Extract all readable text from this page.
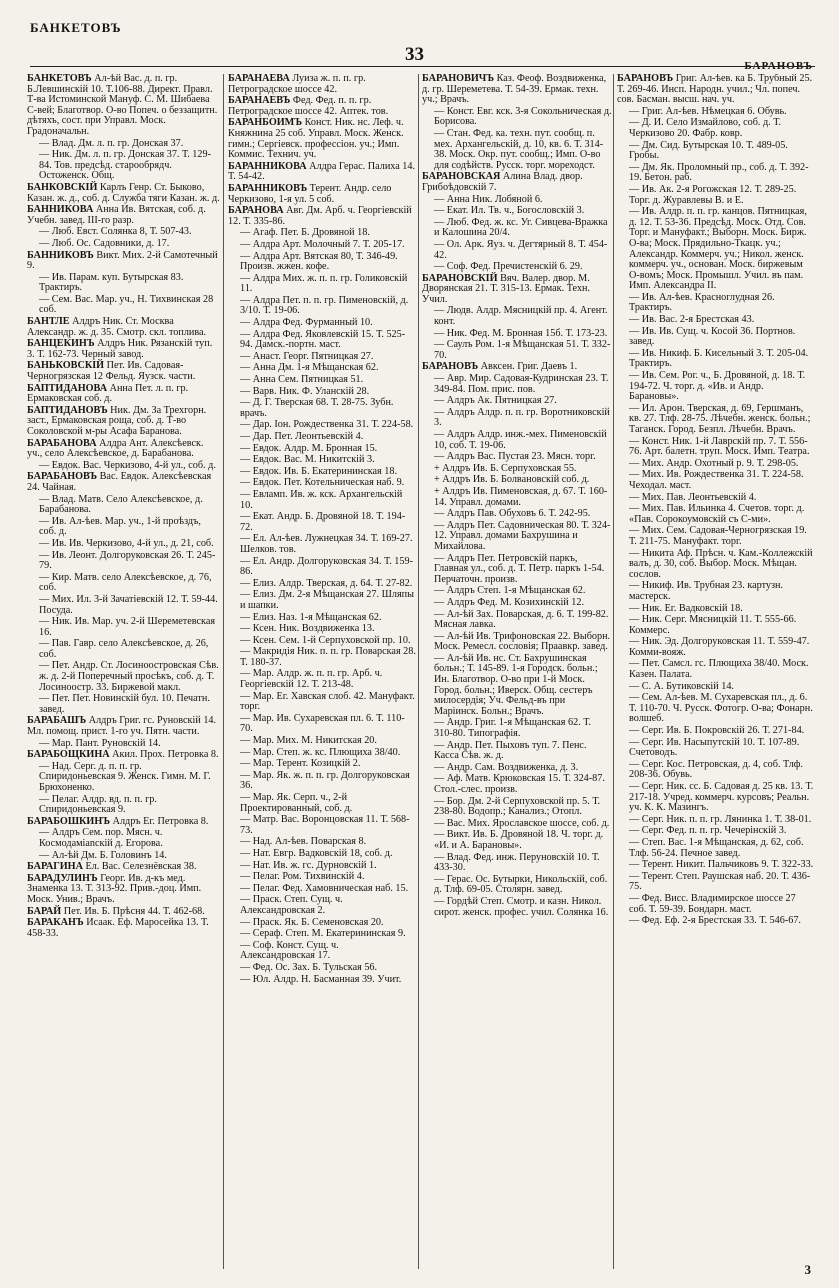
БАНКЕТОВЪ
33
БАРАНОВЪ
БАНКЕТОВЪ Ал-ѣй Вас. д. п. гр. Б.Левшинскій 10. Т.106-88. Директ. Правл. Т-ва Истоминской Мануф. С. М. Шибаева С-вей; Благотвор. О-во Попеч. о беззащитн. дѣтяхъ, сост. при Управл. Моск. Градоначальн.
— Влад. Дм. л. п. гр. Донская 37.
— Ник. Дм. л. п. гр. Донская 37. Т. 129-84. Тов. предсѣд. старообрядч. Остоженск. Общ.
БАНКОВСКІЙ Карлъ Генр. Ст. Быково, Казан. ж. д., соб. д. Служба тяги Казан. ж. д.
БАННИКОВА Анна Ив. Вятская, соб. д. Учебн. завед. III-го разр.
— Люб. Евст. Солянка 8, Т. 507-43.
— Люб. Ос. Садовники, д. 17.
БАННИКОВЪ Викт. Мих. 2-й Самотечный 9.
— Ив. Парам. куп. Бутырская 83. Трактиръ.
— Сем. Вас. Мар. уч., Н. Тихвинская 28 соб.
БАНТЛЕ Алдръ Ник. Ст. Москва Александр. ж. д. 35. Смотр. скл. топлива.
БАНЦЕКИНЪ Алдръ Ник. Рязанскій туп. 3. Т. 162-73. Черный завод.
БАНЬКОВСКІЙ Пет. Ив. Садовая-Черногрязская 12 Фельд. Яузск. части.
БАПТИДАНОВА Анна Пет. л. п. гр. Ермаковская соб. д.
БАПТИДАНОВЪ Ник. Дм. За Трехгорн. заст., Ермаковская роща, соб. д. Т-во Соколовской м-ры Асафа Баранова.
БАРАБАНОВА Алдра Ант. Алексѣевск. уч., село Алексѣевское, д. Барабанова.
— Евдок. Вас. Черкизово, 4-й ул., соб. д.
БАРАБАНОВЪ Вас. Евдок. Алексѣевская 24. Чайная.
— Влад. Матв. Село Алексѣевское, д. Барабанова.
— Ив. Ал-ѣев. Мар. уч., 1-й проѣздъ, соб. д.
— Ив. Ив. Черкизово, 4-й ул., д. 21, соб.
— Ив. Леонт. Долгоруковская 26. Т. 245-79.
— Кир. Матв. село Алексѣевское, д. 76, соб.
— Мих. Ил. 3-й Зачатіевскій 12. Т. 59-44. Посуда.
— Ник. Ив. Мар. уч. 2-й Шереметевская 16.
— Пав. Гавр. село Алексѣевское, д. 26, соб.
— Пет. Андр. Ст. Лосиноостровская Сѣв. ж. д. 2-й Поперечный просѣкъ, соб. д. Т. Лосиноостр. 33. Биржевой макл.
— Пет. Пет. Новинскій бул. 10. Печатн. завед.
БАРАБАШЪ Алдръ Григ. гс. Руновскій 14. Мл. помощ. прист. 1-го уч. Пятн. части.
— Мар. Пант. Руновскій 14.
БАРАБОЩКИНА Акил. Прох. Петровка 8.
— Над. Серг. д. п. п. гр. Спиридоньевская 9. Женск. Гимн. М. Г. Брюхоненко.
— Пелаг. Алдр. вд. п. п. гр. Спиридоньевская 9.
БАРАБОШКИНЪ Алдръ Ег. Петровка 8.
— Алдръ Сем. пор. Мясн. ч. Космодамianскій д. Егорова.
— Ал-ѣй Дм. Б. Головинъ 14.
БАРАГИНА Ел. Вас. Селезнёвская 38.
БАРАДУЛИНЪ Георг. Ив. д-къ мед. Знаменка 13. Т. 313-92. Прив.-доц. Имп. Моск. Унив.; Врачъ.
БАРАЙ Пет. Ив. Б. Прѣсня 44. Т. 462-68.
БАРАКАНЪ Исаак. Еф. Маросейка 13. Т. 458-33.
БАРАНАЕВА Луиза ж. п. п. гр. Петроградское шоссе 42.
БАРАНАЕВЪ Фед. Фед. п. п. гр. Петроградское шоссе 42. Аптек. тов.
БАРАНБОИМЪ Конст. Ник. нс. Леф. ч. Княжнина 25 соб. Управл. Моск. Женск. гимн.; Сергіевск. профессіон. уч.; Имп. Коммис. Технич. уч.
БАРАННИКОВА Алдра Герас. Палиха 14. Т. 54-42.
БАРАННИКОВЪ Терент. Андр. село Черкизово, 1-я ул. 5 соб.
БАРАНОВА Авг. Дм. Арб. ч. Георгіевскій 12. Т. 335-86.
— Агаф. Пет. Б. Дровяной 18.
— Алдра Арт. Молочный 7. Т. 205-17.
— Алдра Арт. Вятская 80, Т. 346-49. Произв. жжен. кофе.
— Алдра Мих. ж. п. п. гр. Голиковскій 11.
— Алдра Пет. п. п. гр. Пименовскій, д. 3/10. Т. 19-06.
— Алдра Фед. Фурманный 10.
— Алдра Фед. Яковлевскій 15. Т. 525-94. Дамск.-портн. маст.
— Анаст. Георг. Пятницкая 27.
— Анна Дм. 1-я Мѣщанская 62.
— Анна Сем. Пятницкая 51.
— Варв. Ник. Ф. Уланскій 28.
— Д. Г. Тверская 68. Т. 28-75. Зубн. врачъ.
— Дар. Іон. Рождественка 31. Т. 224-58.
— Дар. Пет. Леонтьевскій 4.
— Евдок. Алдр. М. Бронная 15.
— Евдок. Вас. М. Никитскій 3.
— Евдок. Ив. Б. Екатерининская 18.
— Евдок. Пет. Котельническая наб. 9.
— Евламп. Ив. ж. кск. Архангельскій 10.
— Екат. Андр. Б. Дровяной 18. Т. 194-72.
— Ел. Ал-ѣев. Лужнецкая 34. Т. 169-27. Шелков. тов.
— Ел. Андр. Долгоруковская 34. Т. 159-86.
— Елиз. Алдр. Тверская, д. 64. Т. 27-82.
— Елиз. Дм. 2-я Мѣщанская 27. Шляпы и шапки.
— Елиз. Наз. 1-я Мѣщанская 62.
— Ксен. Ник. Воздвиженка 13.
— Ксен. Сем. 1-й Серпуховской пр. 10.
— Макридія Ник. п. п. гр. Поварская 28. Т. 180-37.
— Мар. Алдр. ж. п. п. гр. Арб. ч. Георгіевскій 12. Т. 213-48.
— Мар. Ег. Хавская слоб. 42. Мануфакт. торг.
— Мар. Ив. Сухаревская пл. 6. Т. 110-70.
— Мар. Мих. М. Никитская 20.
— Мар. Степ. ж. кс. Плющиха 38/40.
— Мар. Терент. Козицкій 2.
— Мар. Як. ж. п. п. гр. Долгоруковская 36.
— Мар. Як. Серп. ч., 2-й Проектированный, соб. д.
— Матр. Вас. Воронцовская 11. Т. 568-73.
— Над. Ал-ѣев. Поварская 8.
— Нат. Евгр. Вадковскій 18, соб. д.
— Нат. Ив. ж. гс. Дурновскій 1.
— Пелаг. Ром. Тихвинскій 4.
— Пелаг. Фед. Хамовническая наб. 15.
— Праск. Степ. Сущ. ч. Александровская 2.
— Праск. Як. Б. Семеновская 20.
— Сераф. Степ. М. Екатерининская 9.
— Соф. Конст. Сущ. ч. Александровская 17.
— Фед. Ос. Зах. Б. Тульская 56.
— Юл. Алдр. Н. Басманная 39. Учит.
БАРАНОВИЧЪ Каз. Феоф. Воздвиженка, д. гр. Шереметева. Т. 54-39. Ермак. техн. уч.; Врачъ.
— Конст. Евг. кск. 3-я Сокольническая д. Борисова.
— Стан. Фед. ка. техн. пут. сообщ. п. мех. Архангельскій, д. 10, кв. 6. Т. 314-38. Моск. Окр. пут. сообщ.; Имп. О-во для содѣйств. Русск. торг. мореходст.
БАРАНОВСКАЯ Алина Влад. двор. Грибоѣдовскій 7.
— Анна Ник. Лобяной 6.
— Екат. Ил. Тв. ч., Богословскій 3.
— Люб. Фед. ж. кс. Уг. Сивцева-Вражка и Калошина 20/4.
— Ол. Арк. Яуз. ч. Дегтярный 8. Т. 454-42.
— Соф. Фед. Пречистенскій 6. 29.
БАРАНОВСКІЙ Вяч. Валер. двор. М. Дворянская 21. Т. 315-13. Ермак. Техн. Учил.
— Людв. Алдр. Мясницкій пр. 4. Агент. конт.
— Ник. Фед. М. Бронная 15б. Т. 173-23.
— Саулъ Ром. 1-я Мѣщанская 51. Т. 332-70.
БАРАНОВЪ Авксен. Григ. Даевъ 1.
— Авр. Мир. Садовая-Кудринская 23. Т. 349-84. Пом. прис. пов.
— Алдръ Ак. Пятницкая 27.
— Алдръ Алдр. п. п. гр. Воротниковскій 3.
— Алдръ Алдр. инж.-мех. Пименовскій 10, соб. Т. 19-06.
— Алдръ Вас. Пустая 23. Мясн. торг.
+ Алдръ Ив. Б. Серпуховская 55.
+ Алдръ Ив. Б. Болвановскій соб. д.
+ Алдръ Ив. Пименовская, д. 67. Т. 160-14. Управл. домами.
— Алдръ Пав. Обуховъ 6. Т. 242-95.
— Алдръ Пет. Садовническая 80. Т. 324-12. Управл. домами Бахрушина и Михайлова.
— Алдръ Пет. Петровскій паркъ, Главная ул., соб. д. Т. Петр. паркъ 1-54. Перчаточн. произв.
— Алдръ Степ. 1-я Мѣщанская 62.
— Алдръ Фед. М. Козихинскій 12.
— Ал-ѣй Зах. Поварская, д. 6. Т. 199-82. Мясная лавка.
— Ал-ѣй Ив. Трифоновская 22. Выборн. Моск. Ремесл. сословія; Праавкр. завед.
— Ал-ѣй Ив. нс. Ст. Бахрушинская больн.; Т. 145-89. 1-я Городск. больн.; Ин. Благотвор. О-во при 1-й Моск. Город. больн.; Иверск. Общ. сестеръ милосердія; Уч. Фельд-въ при Маріинск. Больн.; Врачъ.
— Андр. Григ. 1-я Мѣщанская 62. Т. 310-80. Типографія.
— Андр. Пет. Пыховъ туп. 7. Пенс. Касса Сѣв. ж. д.
— Андр. Сам. Воздвиженка, д. 3.
— Аф. Матв. Крюковская 15. Т. 324-87. Стол.-слес. произв.
— Бор. Дм. 2-й Серпуховской пр. 5. Т. 238-80. Водопр.; Канализ.; Отопл.
— Вас. Мих. Ярославское шоссе, соб. д.
— Викт. Ив. Б. Дровяной 18. Ч. торг. д. «И. и А. Барановы».
— Влад. Фед. инж. Перуновскій 10. Т. 433-30.
— Герас. Ос. Бутырки, Никольскій, соб. д. Тлф. 69-05. Столярн. завед.
— Гордѣй Степ. Смотр. и казн. Никол. сирот. женск. профес. учил. Солянка 16.
БАРАНОВЪ Григ. Ал-ѣев. ка Б. Трубный 25. Т. 269-46. Инсп. Народн. учил.; Чл. попеч. сов. Басман. высш. нач. уч.
— Григ. Ал-ѣев. Нѣмецкая 6. Обувь.
— Д. И. Село Измайлово, соб. д. Т. Черкизово 20. Фабр. ковр.
— Дм. Сид. Бутырская 10. Т. 489-05. Гробы.
— Дм. Як. Проломный пр., соб. д. Т. 392-19. Бетон. раб.
— Ив. Ак. 2-я Рогожская 12. Т. 289-25. Торг. д. Журавлевы В. и Е.
— Ив. Алдр. п. п. гр. канцов. Пятницкая, д. 12. Т. 53-36. Предсѣд. Моск. Отд. Сов. Торг. и Мануфакт.; Выборн. Моск. Бирж. О-ва; Моск. Прядильно-Ткацк. уч.; Александр. Коммерч. уч.; Никол. женск. коммерч. уч., основан. Моск. биржевым О-вомъ; Моск. Промышл. Учил. въ пам. Имп. Александра II.
— Ив. Ал-ѣев. Красноглудная 26. Трактиръ.
— Ив. Вас. 2-я Брестская 43.
— Ив. Ив. Сущ. ч. Косой 36. Портнов. завед.
— Ив. Никиф. Б. Кисельный 3. Т. 205-04. Трактиръ.
— Ив. Сем. Рог. ч., Б. Дровяной, д. 18. Т. 194-72. Ч. торг. д. «Ив. и Андр. Барановы».
— Ил. Арон. Тверская, д. 69, Гершманъ, кв. 27. Тлф. 28-75. Лѣчебн. женск. больн.; Таганск. Город. Безпл. Лѣчебн. Врачъ.
— Конст. Ник. 1-й Лаврскій пр. 7. Т. 556-76. Арт. балетн. труп. Моск. Имп. Театра.
— Мих. Андр. Охотный р. 9. Т. 298-05.
— Мих. Ив. Рождественка 31. Т. 224-58. Чеходал. маст.
— Мих. Пав. Леонтьевскій 4.
— Мих. Пав. Ильинка 4. Счетов. торг. д. «Пав. Сорокоумовскій съ С-ми».
— Мих. Сем. Садовая-Черногрязская 19. Т. 211-75. Мануфакт. торг.
— Никита Аф. Прѣсн. ч. Кам.-Коллежскій валъ, д. 30, соб. Выбор. Моск. Мѣщан. сослов.
— Никиф. Ив. Трубная 23. картузн. мастерск.
— Ник. Ег. Вадковскій 18.
— Ник. Серг. Мясницкій 11. Т. 555-66. Коммерс.
— Ник. Эд. Долгоруковская 11. Т. 559-47. Комми-вояж.
— Пет. Самсл. гс. Плющиха 38/40. Моск. Казен. Палата.
— С. А. Бутиковскій 14.
— Сем. Ал-ѣев. М. Сухаревская пл., д. 6. Т. 110-70. Ч. Русск. Фотогр. О-ва; Фонарн. волшеб.
— Серг. Ив. Б. Покровскій 26. Т. 271-84.
— Серг. Ив. Насыпутскій 10. Т. 107-89. Счетоводъ.
— Серг. Кос. Петровская, д. 4, соб. Тлф. 208-36. Обувь.
— Серг. Ник. сс. Б. Садовая д. 25 кв. 13. Т. 217-18. Учред. коммерч. курсовъ; Реальн. уч. К. К. Мазингъ.
— Серг. Ник. п. п. гр. Лянинка 1. Т. 38-01.
— Серг. Фед. п. п. гр. Чечерінскій 3.
— Степ. Вас. 1-я Мѣщанская, д. 62, соб. Тлф. 56-24. Печное завед.
— Терент. Никит. Пальчиковъ 9. Т. 322-33.
— Терент. Степ. Раушская наб. 20. Т. 436-75.
— Фед. Висс. Владимирское шоссе 27 соб. Т. 59-39. Бондарн. маст.
— Фед. Еф. 2-я Брестская 33. Т. 546-67.
3
